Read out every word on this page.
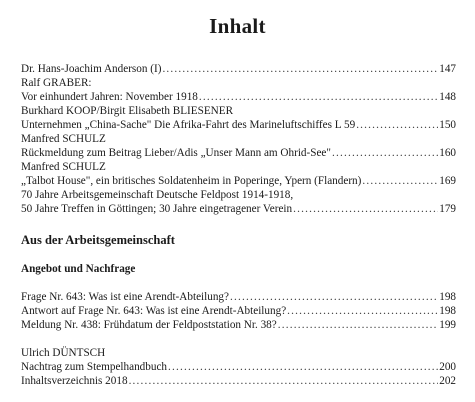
Inhalt
Dr. Hans-Joachim Anderson (I) .....	147
Ralf GRABER:
Vor einhundert Jahren: November 1918 .....	148
Burkhard KOOP/Birgit Elisabeth BLIESENER
Unternehmen „China-Sache" Die Afrika-Fahrt des Marineluftschiffes L 59 .....	150
Manfred SCHULZ
Rückmeldung zum Beitrag Lieber/Adis „Unser Mann am Ohrid-See" .....	160
Manfred SCHULZ
„Talbot House", ein britisches Soldatenheim in Poperinge, Ypern (Flandern) .....	169
70 Jahre Arbeitsgemeinschaft Deutsche Feldpost 1914-1918,
50 Jahre Treffen in Göttingen; 30 Jahre eingetragener Verein .....	179
Aus der Arbeitsgemeinschaft
Angebot und Nachfrage
Frage Nr. 643: Was ist eine Arendt-Abteilung? .....	198
Antwort auf Frage Nr. 643: Was ist eine Arendt-Abteilung? .....	198
Meldung Nr. 438: Frühdatum der Feldpoststation Nr. 38? .....	199
Ulrich DÜNTSCH
Nachtrag zum Stempelhandbuch .....	200
Inhaltsverzeichnis 2018 .....	202
